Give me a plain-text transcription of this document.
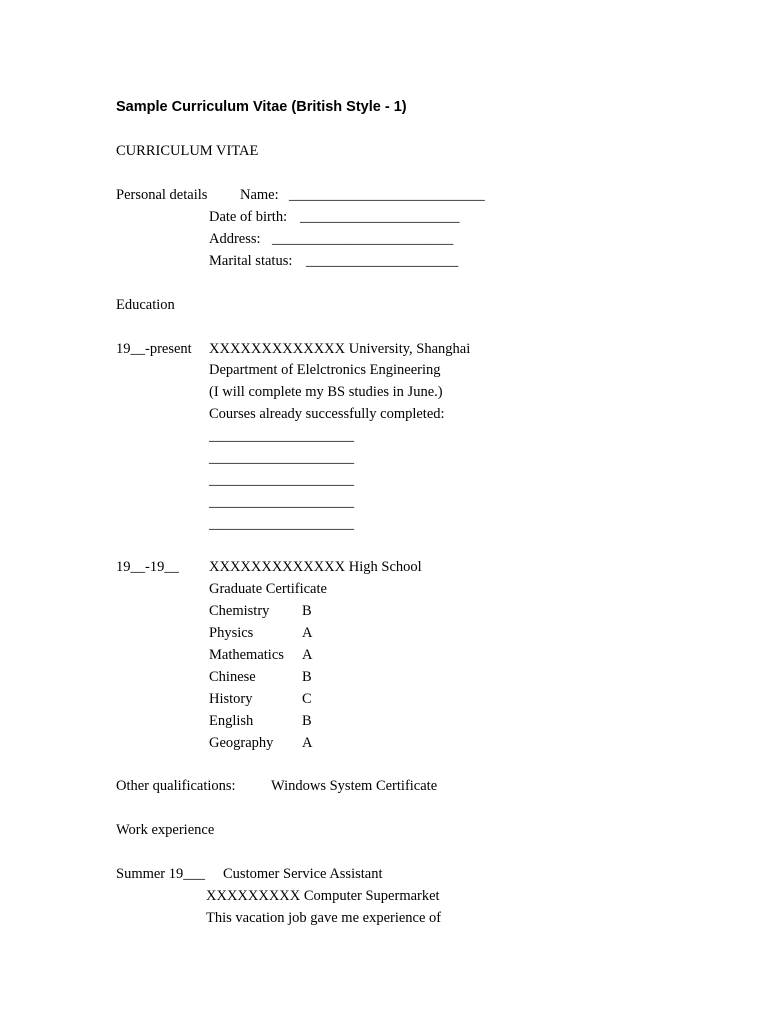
Sample Curriculum Vitae (British Style - 1)
CURRICULUM VITAE
Personal details Name: ___________________________
Date of birth: ______________________
Address: _________________________
Marital status: _____________________
Education
19__-present XXXXXXXXXXXXX University, Shanghai
Department of Elelctronics Engineering
(I will complete my BS studies in June.)
Courses already successfully completed:
____________________
____________________
____________________
____________________
____________________
19__-19__ XXXXXXXXXXXXX High School
Graduate Certificate
Chemistry B
Physics	A
Mathematics A
Chinese	B
History	C
English	B
Geography A
Other qualifications: Windows System Certificate
Work experience
Summer 19___ Customer Service Assistant
XXXXXXXXX Computer Supermarket
This vacation job gave me experience of
